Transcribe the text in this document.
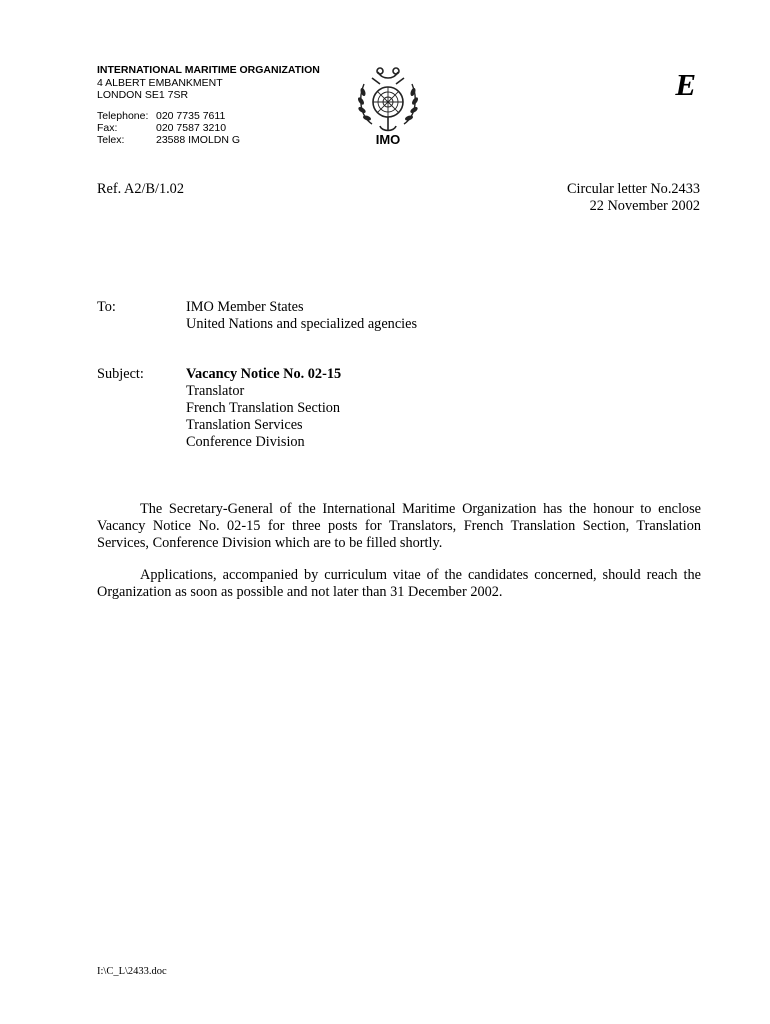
INTERNATIONAL MARITIME ORGANIZATION
4 ALBERT EMBANKMENT
LONDON SE1 7SR
Telephone: 020 7735 7611
Fax:	020 7587 3210
Telex:	23588 IMOLDN G	IMO
E
Ref. A2/B/1.02	Circular letter No.2433
22 November 2002
To:	IMO Member States
United Nations and specialized agencies
Subject:	Vacancy Notice No. 02-15
Translator
French Translation Section
Translation Services
Conference Division
The Secretary-General of the International Maritime Organization has the honour to enclose Vacancy Notice No. 02-15 for three posts for Translators, French Translation Section, Translation Services, Conference Division which are to be filled shortly.
Applications, accompanied by curriculum vitae of the candidates concerned, should reach the Organization as soon as possible and not later than 31 December 2002.
I:\C_L\2433.doc
